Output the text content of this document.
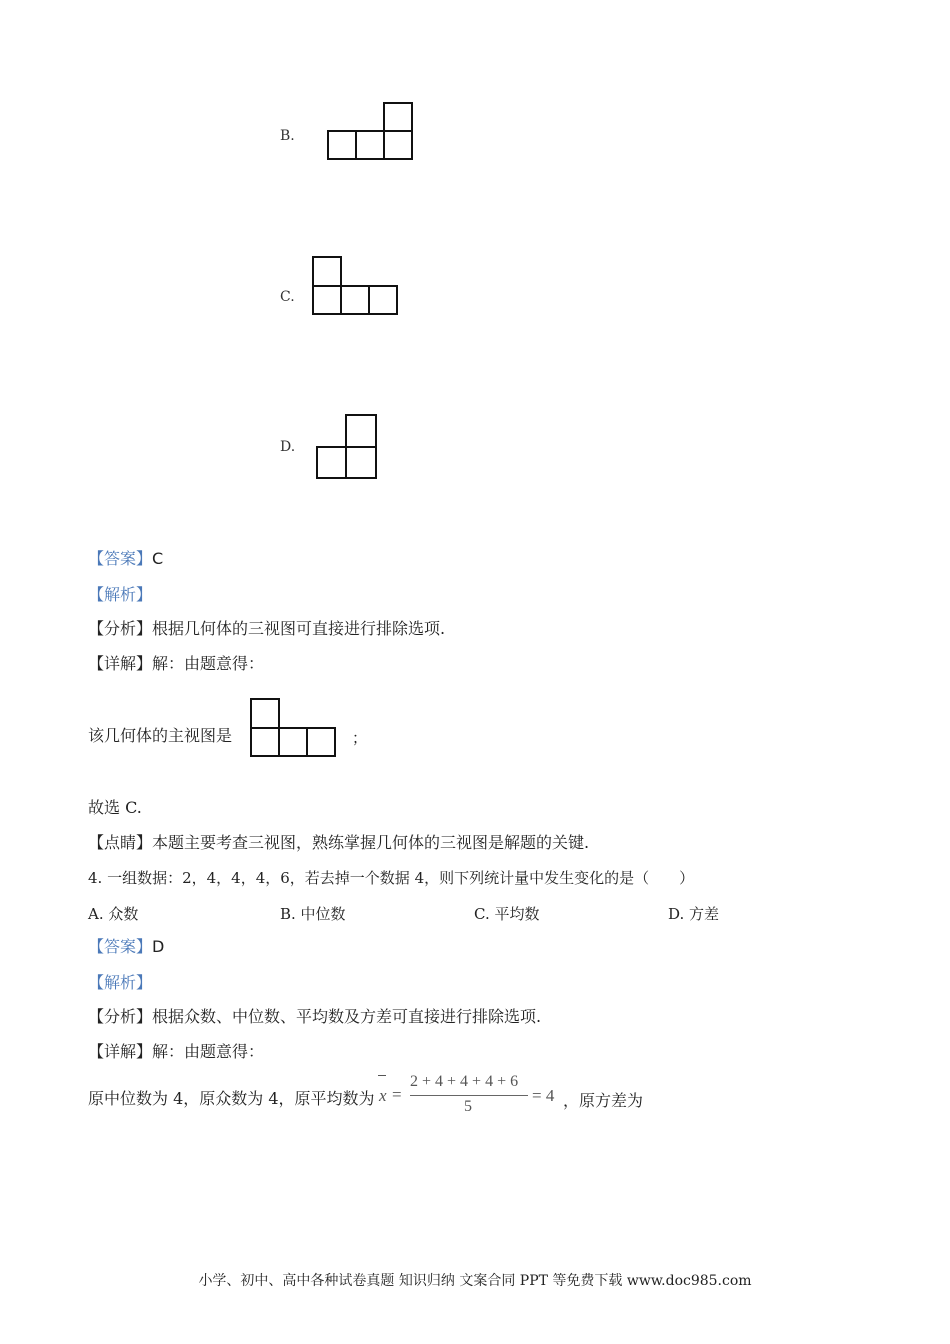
B.
C.
D.
【答案】C
【解析】
【分析】根据几何体的三视图可直接进行排除选项.
【详解】解：由题意得：
该几何体的主视图是	；
故选 C.
【点睛】本题主要考查三视图，熟练掌握几何体的三视图是解题的关键.
4. 一组数据：2，4，4，4，6，若去掉一个数据 4，则下列统计量中发生变化的是（　　）
A. 众数	B. 中位数	C. 平均数	D. 方差
【答案】D
【解析】
【分析】根据众数、中位数、平均数及方差可直接进行排除选项.
【详解】解：由题意得：
原中位数为 4，原众数为 4，原平均数为 x =
2 + 4 + 4 + 4 + 6
5
= 4 ，原方差为
小学、初中、高中各种试卷真题 知识归纳 文案合同 PPT 等免费下载 www.doc985.com
